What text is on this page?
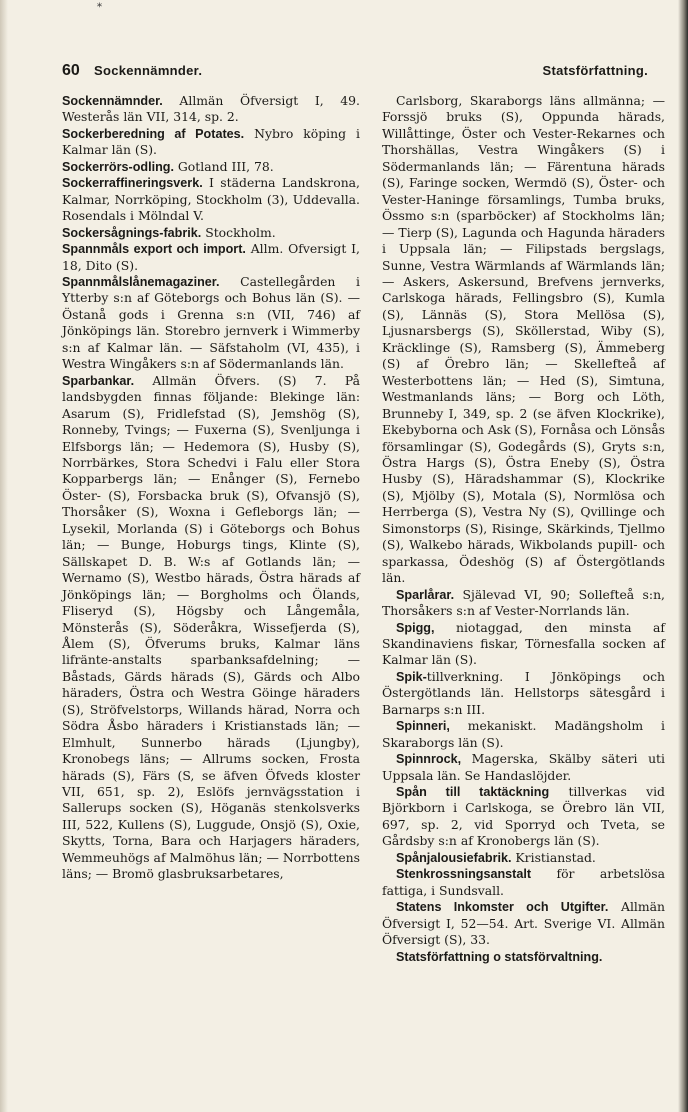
*
60 Sockennämnder.	Statsförfattning.

Sockennämnder. Allmän Öfversigt I, 49. Westerås län VII, 314, sp. 2.

Sockerberedning af Potates. Nybro köping i Kalmar län (S).

Sockerrörs-odling. Gotland III, 78.

Sockerraffineringsverk. I städerna Landskrona, Kalmar, Norrköping, Stockholm (3), Uddevalla. Rosendals i Mölndal V.

Sockersågnings-fabrik. Stockholm.

Spannmåls export och import. Allm. Ofversigt I, 18, Dito (S).

Spannmålslånemagaziner. Castellegården i Ytterby s:n af Göteborgs och Bohus län (S). — Östanå gods i Grenna s:n (VII, 746) af Jönköpings län. Storebro jernverk i Wimmerby s:n af Kalmar län. — Säfstaholm (VI, 435), i Westra Wingåkers s:n af Södermanlands län.

Sparbankar. Allmän Öfvers. (S) 7. På landsbygden finnas följande: Blekinge län: Asarum (S), Fridlefstad (S), Jemshög (S), Ronneby, Tvings; — Fuxerna (S), Svenljunga i Elfsborgs län; — Hedemora (S), Husby (S), Norrbärkes, Stora Schedvi i Falu eller Stora Kopparbergs län; — Enånger (S), Fernebo Öster- (S), Forsbacka bruk (S), Ofvansjö (S), Thorsåker (S), Woxna i Gefleborgs län; — Lysekil, Morlanda (S) i Göteborgs och Bohus län; — Bunge, Hoburgs tings, Klinte (S), Sällskapet D. B. W:s af Gotlands län; — Wernamo (S), Westbo härads, Östra härads af Jönköpings län; — Borgholms och Ölands, Fliseryd (S), Högsby och Långemåla, Mönsterås (S), Söderåkra, Wissefjerda (S), Ålem (S), Öfverums bruks, Kalmar läns lifränte-anstalts sparbanksafdelning; — Båstads, Gärds härads (S), Gärds och Albo häraders, Östra och Westra Göinge häraders (S), Ströfvelstorps, Willands härad, Norra och Södra Åsbo häraders i Kristianstads län; — Elmhult, Sunnerbo härads (Ljungby), Kronobegs läns; — Allrums socken, Frosta härads (S), Färs (S, se äfven Öfveds kloster VII, 651, sp. 2), Eslöfs jernvägsstation i Sallerups socken (S), Höganäs stenkolsverks III, 522, Kullens (S), Luggude, Onsjö (S), Oxie, Skytts, Torna, Bara och Harjagers häraders, Wemmeuhögs af Malmöhus län; — Norrbottens läns; — Bromö glasbruksarbetares,

Carlsborg, Skaraborgs läns allmänna; — Forssjö bruks (S), Oppunda härads, Willåttinge, Öster och Vester-Rekarnes och Thorshällas, Vestra Wingåkers (S) i Södermanlands län; — Färentuna härads (S), Faringe socken, Wermdö (S), Öster- och Vester-Haninge församlings, Tumba bruks, Össmo s:n (sparböcker) af Stockholms län; — Tierp (S), Lagunda och Hagunda häraders i Uppsala län; — Filipstads bergslags, Sunne, Vestra Wärmlands af Wärmlands län; — Askers, Askersund, Brefvens jernverks, Carlskoga härads, Fellingsbro (S), Kumla (S), Lännäs (S), Stora Mellösa (S), Ljusnarsbergs (S), Sköllerstad, Wiby (S), Kräcklinge (S), Ramsberg (S), Ämmeberg (S) af Örebro län; — Skellefteå af Westerbottens län; — Hed (S), Simtuna, Westmanlands läns; — Borg och Löth, Brunneby I, 349, sp. 2 (se äfven Klockrike), Ekebyborna och Ask (S), Fornåsa och Lönsås församlingar (S), Godegårds (S), Gryts s:n, Östra Hargs (S), Östra Eneby (S), Östra Husby (S), Häradshammar (S), Klockrike (S), Mjölby (S), Motala (S), Normlösa och Herrberga (S), Vestra Ny (S), Qvillinge och Simonstorps (S), Risinge, Skärkinds, Tjellmo (S), Walkebo härads, Wikbolands pupill- och sparkassa, Ödeshög (S) af Östergötlands län.

Sparlårar. Själevad VI, 90; Sollefteå s:n, Thorsåkers s:n af Vester-Norrlands län.

Spigg, niotaggad, den minsta af Skandinaviens fiskar, Törnesfalla socken af Kalmar län (S).

Spik-tillverkning. I Jönköpings och Östergötlands län. Hellstorps sätesgård i Barnarps s:n III.

Spinneri, mekaniskt. Madängsholm i Skaraborgs län (S).

Spinnrock, Magerska, Skälby säteri uti Uppsala län. Se Handaslöjder.

Spån till taktäckning tillverkas vid Björkborn i Carlskoga, se Örebro län VII, 697, sp. 2, vid Sporryd och Tveta, se Gårdsby s:n af Kronobergs län (S).

Spånjalousiefabrik. Kristianstad.

Stenkrossningsanstalt för arbetslösa fattiga, i Sundsvall.

Statens Inkomster och Utgifter. Allmän Öfversigt I, 52—54. Art. Sverige VI. Allmän Öfversigt (S), 33.

Statsförfattning o statsförvaltning.
